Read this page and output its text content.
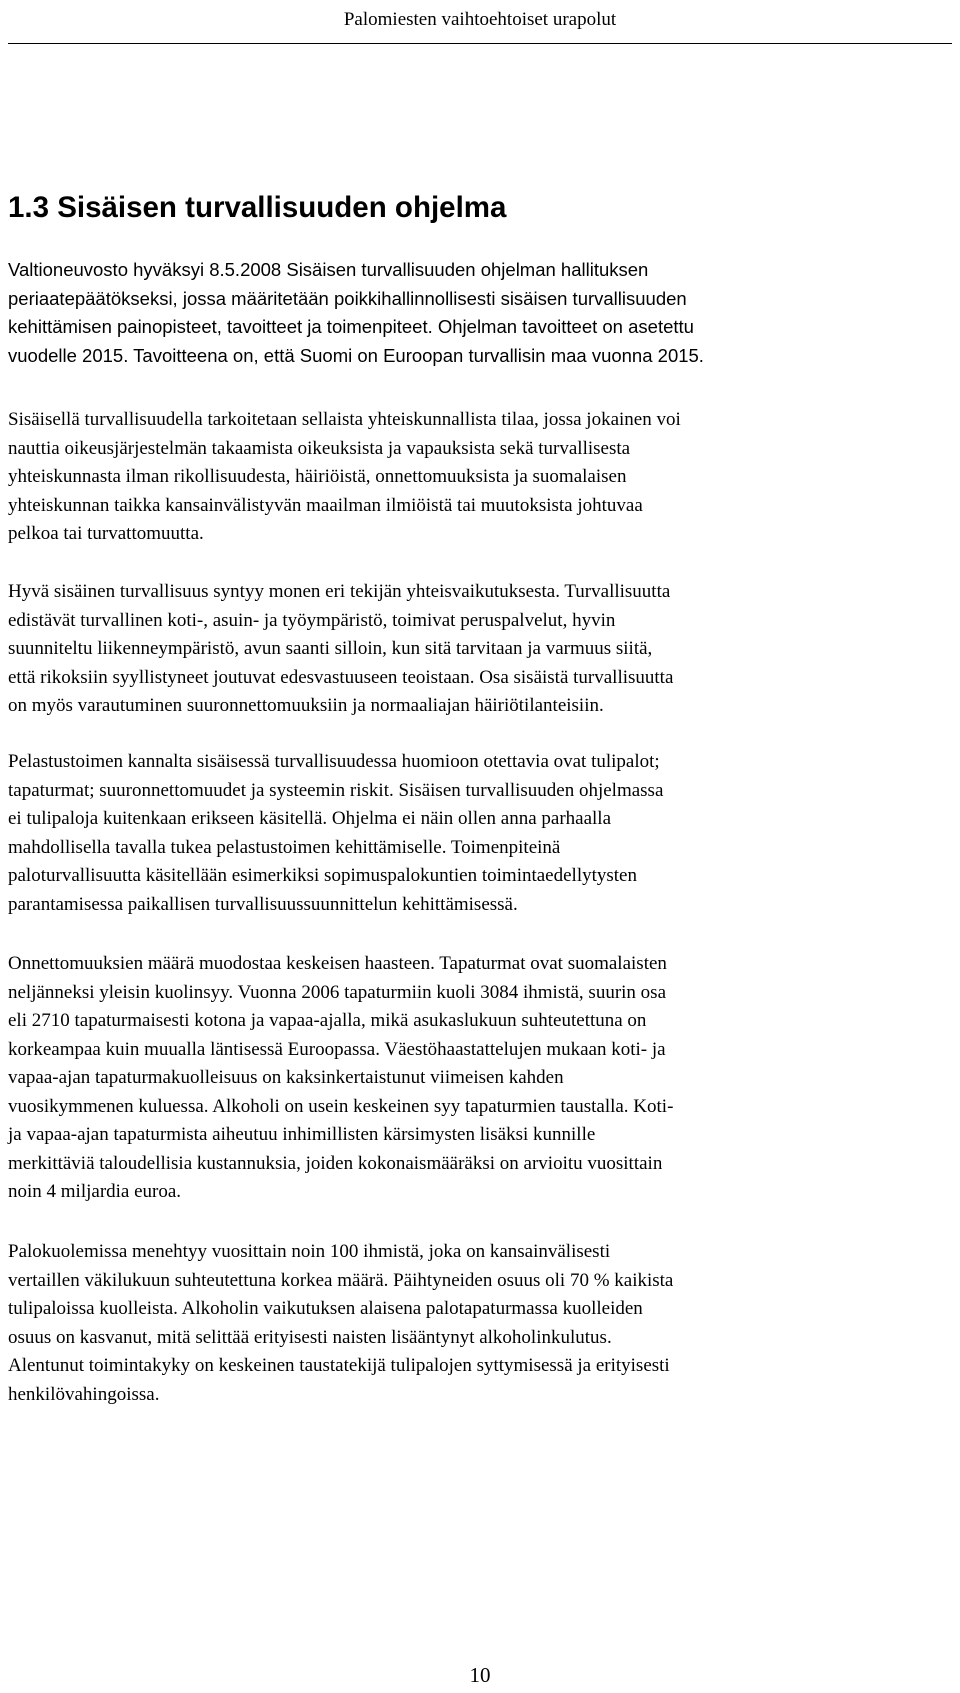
Palomiesten vaihtoehtoiset urapolut
1.3 Sisäisen turvallisuuden ohjelma

Valtioneuvosto hyväksyi 8.5.2008 Sisäisen turvallisuuden ohjelman hallituksen
periaatepäätökseksi, jossa määritetään poikkihallinnollisesti sisäisen turvallisuuden
kehittämisen painopisteet, tavoitteet ja toimenpiteet. Ohjelman tavoitteet on asetettu
vuodelle 2015. Tavoitteena on, että Suomi on Euroopan turvallisin maa vuonna 2015.

Sisäisellä turvallisuudella tarkoitetaan sellaista yhteiskunnallista tilaa, jossa jokainen voi
nauttia oikeusjärjestelmän takaamista oikeuksista ja vapauksista sekä turvallisesta
yhteiskunnasta ilman rikollisuudesta, häiriöistä, onnettomuuksista ja suomalaisen
yhteiskunnan taikka kansainvälistyvän maailman ilmiöistä tai muutoksista johtuvaa
pelkoa tai turvattomuutta.

Hyvä sisäinen turvallisuus syntyy monen eri tekijän yhteisvaikutuksesta. Turvallisuutta
edistävät turvallinen koti-, asuin- ja työympäristö, toimivat peruspalvelut, hyvin
suunniteltu liikenneympäristö, avun saanti silloin, kun sitä tarvitaan ja varmuus siitä,
että rikoksiin syyllistyneet joutuvat edesvastuuseen teoistaan. Osa sisäistä turvallisuutta
on myös varautuminen suuronnettomuuksiin ja normaaliajan häiriötilanteisiin.

Pelastustoimen kannalta sisäisessä turvallisuudessa huomioon otettavia ovat tulipalot;
tapaturmat; suuronnettomuudet ja systeemin riskit. Sisäisen turvallisuuden ohjelmassa
ei tulipaloja kuitenkaan erikseen käsitellä. Ohjelma ei näin ollen anna parhaalla
mahdollisella tavalla tukea pelastustoimen kehittämiselle. Toimenpiteinä
paloturvallisuutta käsitellään esimerkiksi sopimuspalokuntien toimintaedellytysten
parantamisessa paikallisen turvallisuussuunnittelun kehittämisessä.

Onnettomuuksien määrä muodostaa keskeisen haasteen. Tapaturmat ovat suomalaisten
neljänneksi yleisin kuolinsyy. Vuonna 2006 tapaturmiin kuoli 3084 ihmistä, suurin osa
eli 2710 tapaturmaisesti kotona ja vapaa-ajalla, mikä asukaslukuun suhteutettuna on
korkeampaa kuin muualla läntisessä Euroopassa. Väestöhaastattelujen mukaan koti- ja
vapaa-ajan tapaturmakuolleisuus on kaksinkertaistunut viimeisen kahden
vuosikymmenen kuluessa. Alkoholi on usein keskeinen syy tapaturmien taustalla. Koti-
ja vapaa-ajan tapaturmista aiheutuu inhimillisten kärsimysten lisäksi kunnille
merkittäviä taloudellisia kustannuksia, joiden kokonaismääräksi on arvioitu vuosittain
noin 4 miljardia euroa.

Palokuolemissa menehtyy vuosittain noin 100 ihmistä, joka on kansainvälisesti
vertaillen väkilukuun suhteutettuna korkea määrä. Päihtyneiden osuus oli 70 % kaikista
tulipaloissa kuolleista. Alkoholin vaikutuksen alaisena palotapaturmassa kuolleiden
osuus on kasvanut, mitä selittää erityisesti naisten lisääntynyt alkoholinkulutus.
Alentunut toimintakyky on keskeinen taustatekijä tulipalojen syttymisessä ja erityisesti
henkilövahingoissa.

10
